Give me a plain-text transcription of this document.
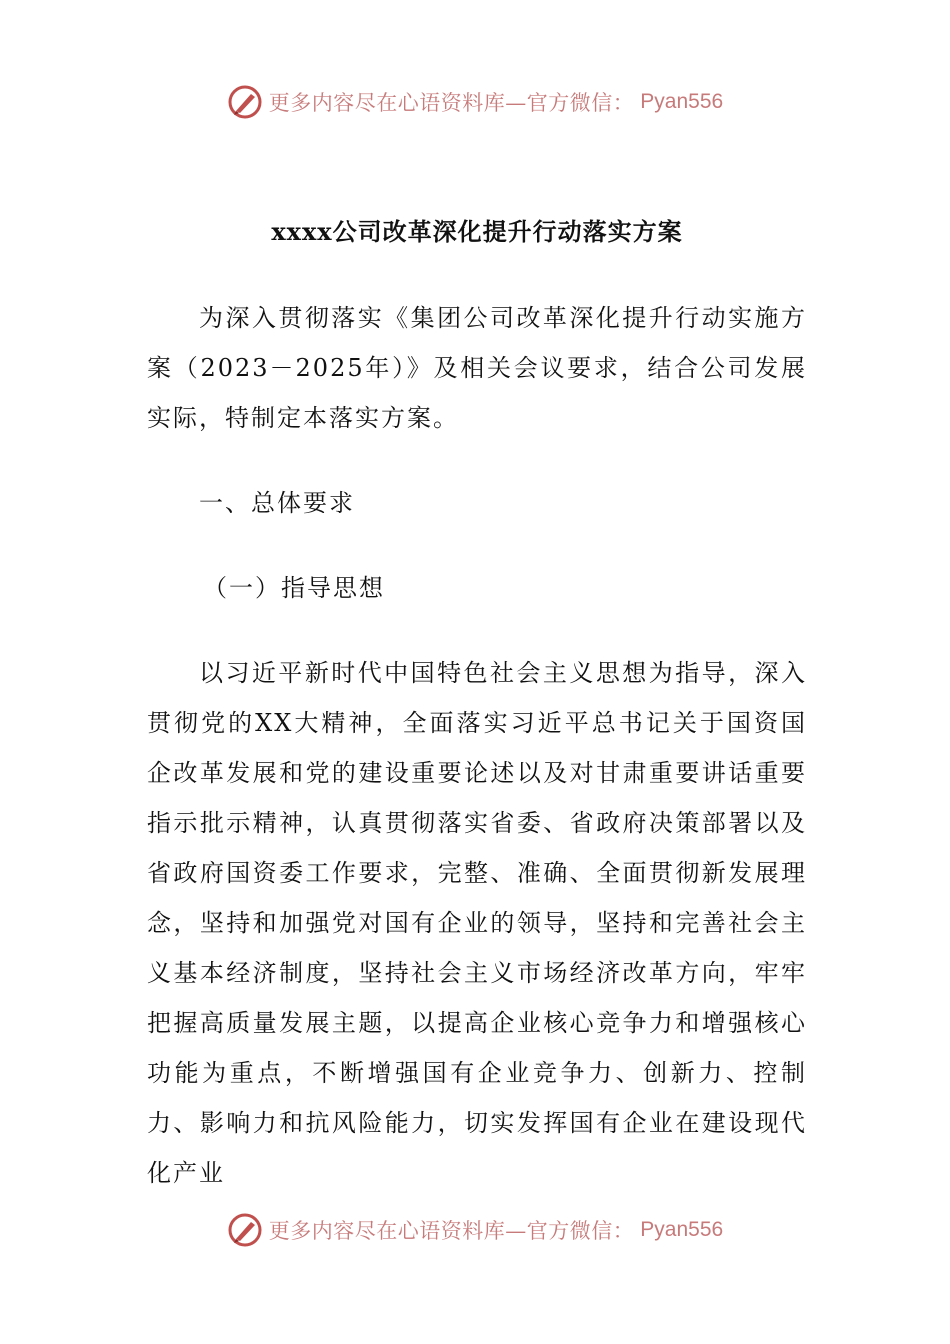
更多内容尽在心语资料库—官方微信： Pyan556
xxxx公司改革深化提升行动落实方案

为深入贯彻落实《集团公司改革深化提升行动实施方案（2023－2025年）》及相关会议要求，结合公司发展实际，特制定本落实方案。

一、总体要求
（一）指导思想

以习近平新时代中国特色社会主义思想为指导，深入贯彻党的XX大精神，全面落实习近平总书记关于国资国企改革发展和党的建设重要论述以及对甘肃重要讲话重要指示批示精神，认真贯彻落实省委、省政府决策部署以及省政府国资委工作要求，完整、准确、全面贯彻新发展理念，坚持和加强党对国有企业的领导，坚持和完善社会主义基本经济制度，坚持社会主义市场经济改革方向，牢牢把握高质量发展主题，以提高企业核心竞争力和增强核心功能为重点，不断增强国有企业竞争力、创新力、控制力、影响力和抗风险能力，切实发挥国有企业在建设现代化产业

更多内容尽在心语资料库—官方微信： Pyan556
